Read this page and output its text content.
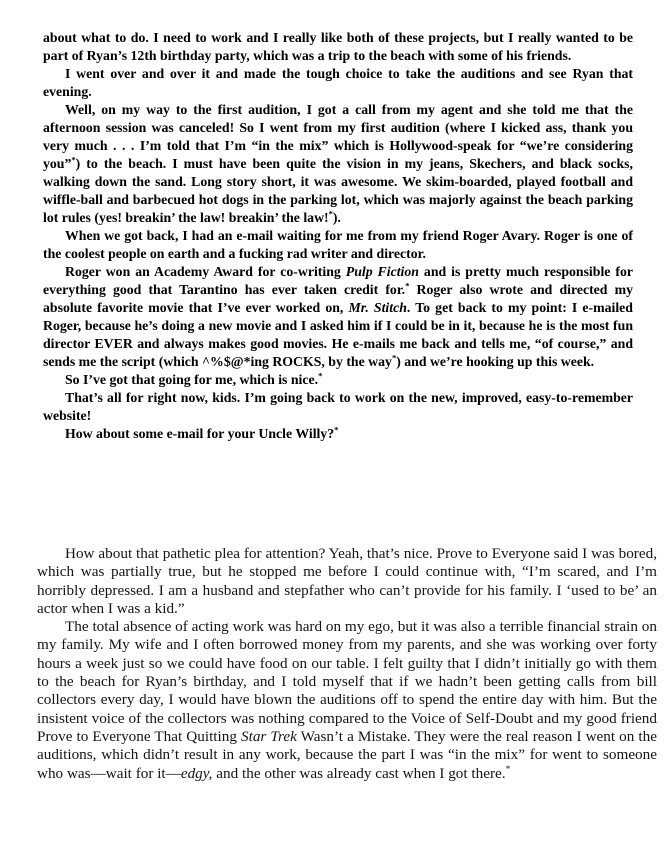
about what to do. I need to work and I really like both of these projects, but I really wanted to be part of Ryan’s 12th birthday party, which was a trip to the beach with some of his friends.

I went over and over it and made the tough choice to take the auditions and see Ryan that evening.

Well, on my way to the first audition, I got a call from my agent and she told me that the afternoon session was canceled! So I went from my first audition (where I kicked ass, thank you very much . . . I’m told that I’m “in the mix” which is Hollywood-speak for “we’re considering you”*) to the beach. I must have been quite the vision in my jeans, Skechers, and black socks, walking down the sand. Long story short, it was awesome. We skim-boarded, played football and wiffle-ball and barbecued hot dogs in the parking lot, which was majorly against the beach parking lot rules (yes! breakin’ the law! breakin’ the law!*).

When we got back, I had an e-mail waiting for me from my friend Roger Avary. Roger is one of the coolest people on earth and a fucking rad writer and director.

Roger won an Academy Award for co-writing Pulp Fiction and is pretty much responsible for everything good that Tarantino has ever taken credit for.* Roger also wrote and directed my absolute favorite movie that I’ve ever worked on, Mr. Stitch. To get back to my point: I e-mailed Roger, because he’s doing a new movie and I asked him if I could be in it, because he is the most fun director EVER and always makes good movies. He e-mails me back and tells me, “of course,” and sends me the script (which ^%$@*ing ROCKS, by the way*) and we’re hooking up this week.

So I’ve got that going for me, which is nice.*

That’s all for right now, kids. I’m going back to work on the new, improved, easy-to-remember website!

How about some e-mail for your Uncle Willy?*

How about that pathetic plea for attention? Yeah, that’s nice. Prove to Everyone said I was bored, which was partially true, but he stopped me before I could continue with, “I’m scared, and I’m horribly depressed. I am a husband and stepfather who can’t provide for his family. I ‘used to be’ an actor when I was a kid.”

The total absence of acting work was hard on my ego, but it was also a terrible financial strain on my family. My wife and I often borrowed money from my parents, and she was working over forty hours a week just so we could have food on our table. I felt guilty that I didn’t initially go with them to the beach for Ryan’s birthday, and I told myself that if we hadn’t been getting calls from bill collectors every day, I would have blown the auditions off to spend the entire day with him. But the insistent voice of the collectors was nothing compared to the Voice of Self-Doubt and my good friend Prove to Everyone That Quitting Star Trek Wasn’t a Mistake. They were the real reason I went on the auditions, which didn’t result in any work, because the part I was “in the mix” for went to someone who was—wait for it—edgy, and the other was already cast when I got there.*
